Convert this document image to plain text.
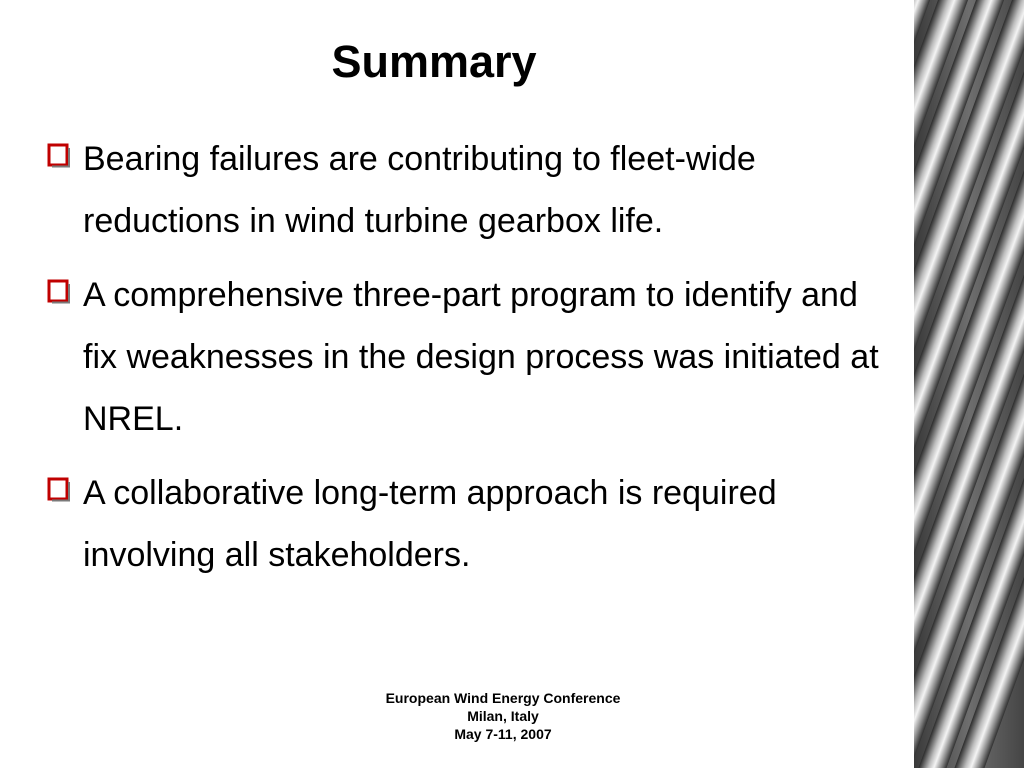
Summary
Bearing failures are contributing to fleet-wide reductions in wind turbine gearbox life.
A comprehensive three-part program to identify and fix weaknesses in the design process was initiated at NREL.
A collaborative long-term approach is required involving all stakeholders.
European Wind Energy Conference
Milan, Italy
May 7-11, 2007
